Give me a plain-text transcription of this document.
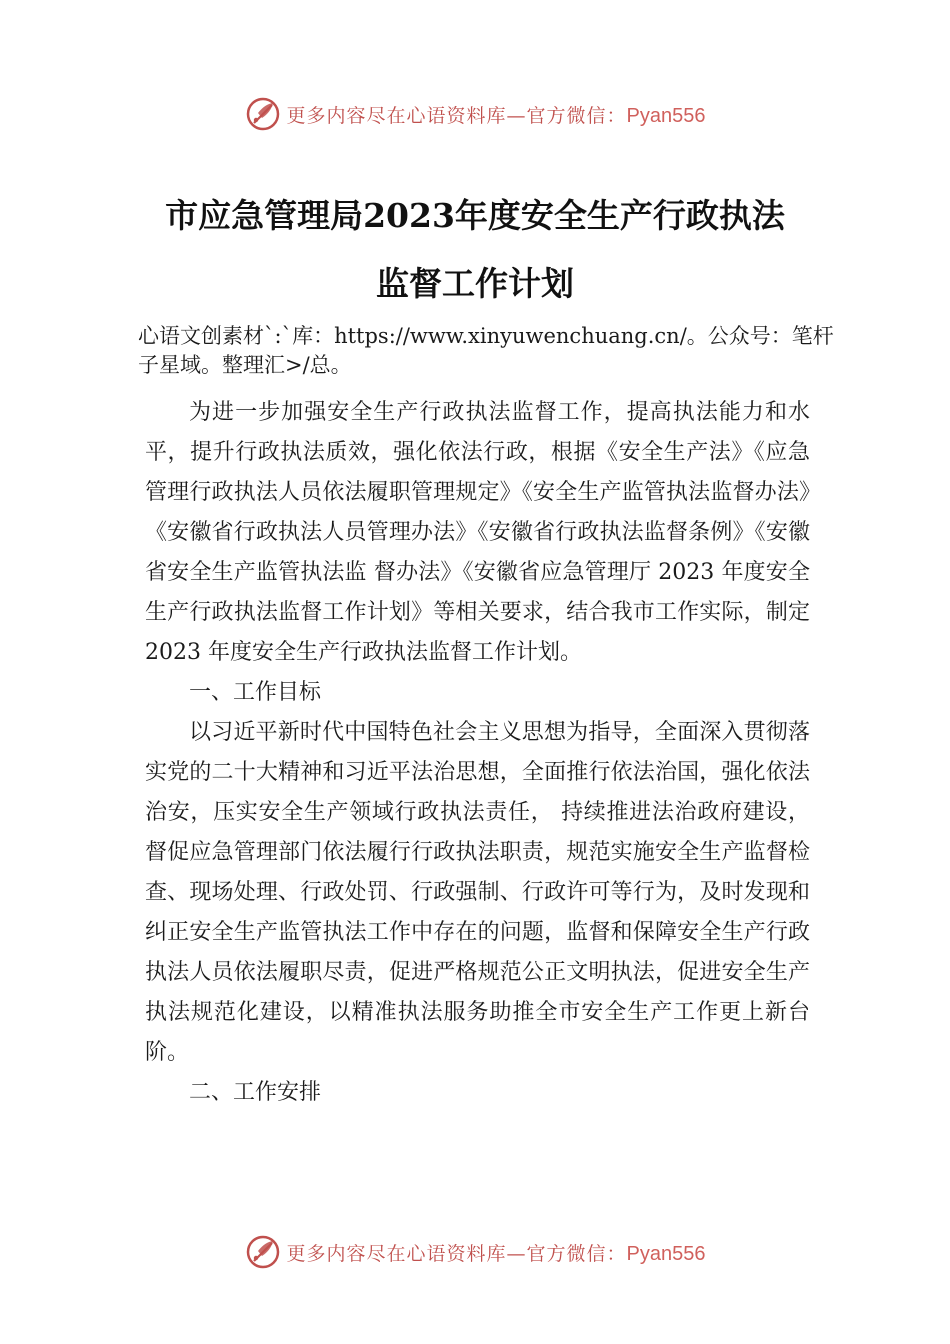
更多内容尽在心语资料库—官方微信：Pyan556
市应急管理局2023年度安全生产行政执法
监督工作计划
心语文创素材`:`库：https://www.xinyuwenchuang.cn/。公众号：笔杆子星域。整理汇>/总。

为进一步加强安全生产行政执法监督工作，提高执法能力和水平，提升行政执法质效，强化依法行政，根据《安全生产法》《应急管理行政执法人员依法履职管理规定》《安全生产监管执法监督办法》《安徽省行政执法人员管理办法》《安徽省行政执法监督条例》《安徽省安全生产监管执法监 督办法》《安徽省应急管理厅 2023 年度安全生产行政执法监督工作计划》等相关要求，结合我市工作实际，制定 2023 年度安全生产行政执法监督工作计划。

一、工作目标

以习近平新时代中国特色社会主义思想为指导，全面深入贯彻落实党的二十大精神和习近平法治思想，全面推行依法治国，强化依法治安，压实安全生产领域行政执法责任， 持续推进法治政府建设，督促应急管理部门依法履行行政执法职责，规范实施安全生产监督检查、现场处理、行政处罚、行政强制、行政许可等行为，及时发现和纠正安全生产监管执法工作中存在的问题，监督和保障安全生产行政执法人员依法履职尽责，促进严格规范公正文明执法，促进安全生产执法规范化建设，以精准执法服务助推全市安全生产工作更上新台阶。

二、工作安排

更多内容尽在心语资料库—官方微信：Pyan556
